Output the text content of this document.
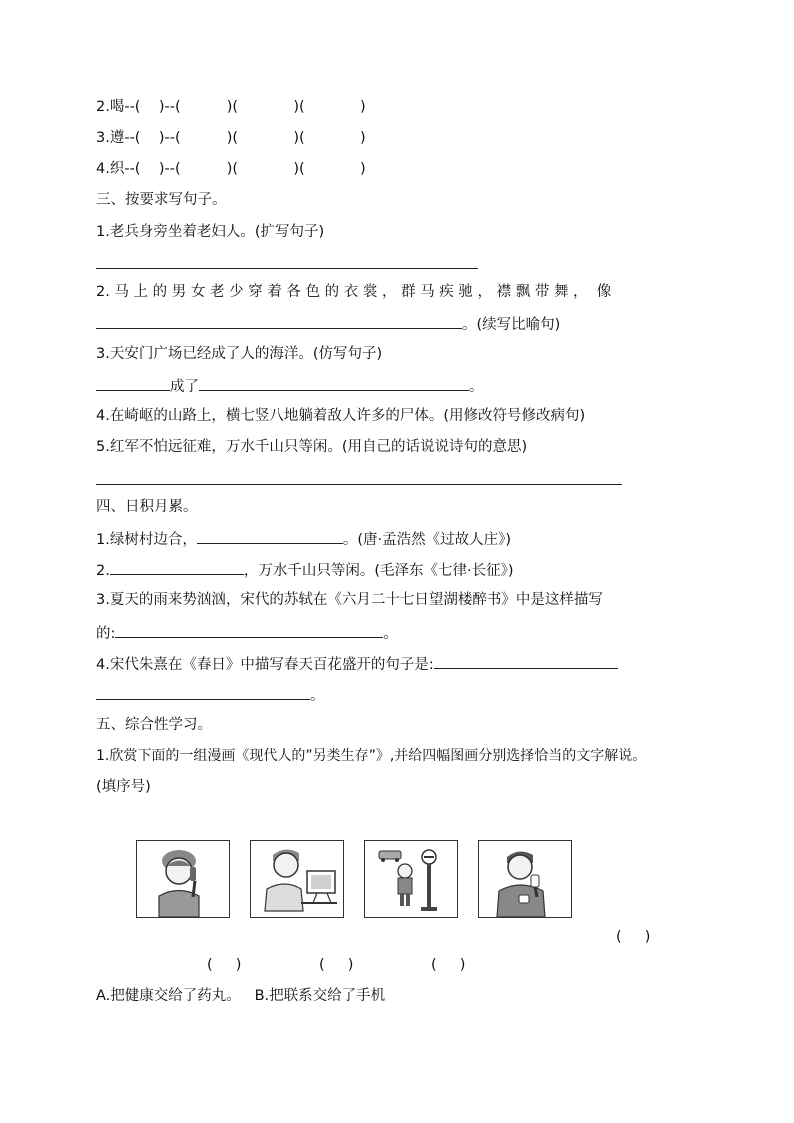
2.喝--(    )--(          )(            )(            )
3.遵--(    )--(          )(            )(            )
4.织--(    )--(          )(            )(            )
三、按要求写句子。
1.老兵身旁坐着老妇人。(扩写句子)
2. 马 上 的 男 女 老 少 穿 着 各 色 的 衣 裳 ， 群 马 疾 驰 ， 襟 飘 带 舞 ，  像
。(续写比喻句)
3.天安门广场已经成了人的海洋。(仿写句子)
成了	。
4.在崎岖的山路上，横七竖八地躺着敌人许多的尸体。(用修改符号修改病句)
5.红军不怕远征难，万水千山只等闲。(用自己的话说说诗句的意思)
四、日积月累。
1.绿树村边合，	。(唐·孟浩然《过故人庄》)
2.	，万水千山只等闲。(毛泽东《七律·长征》)
3.夏天的雨来势汹汹，宋代的苏轼在《六月二十七日望湖楼醉书》中是这样描写
的:	。
4.宋代朱熹在《春日》中描写春天百花盛开的句子是:
。
五、综合性学习。
1.欣赏下面的一组漫画《现代人的”另类生存”》,并给四幅图画分别选择恰当的文字解说。
(填序号)
(     )
(     )	(     )	(     )
A.把健康交给了药丸。   B.把联系交给了手机
